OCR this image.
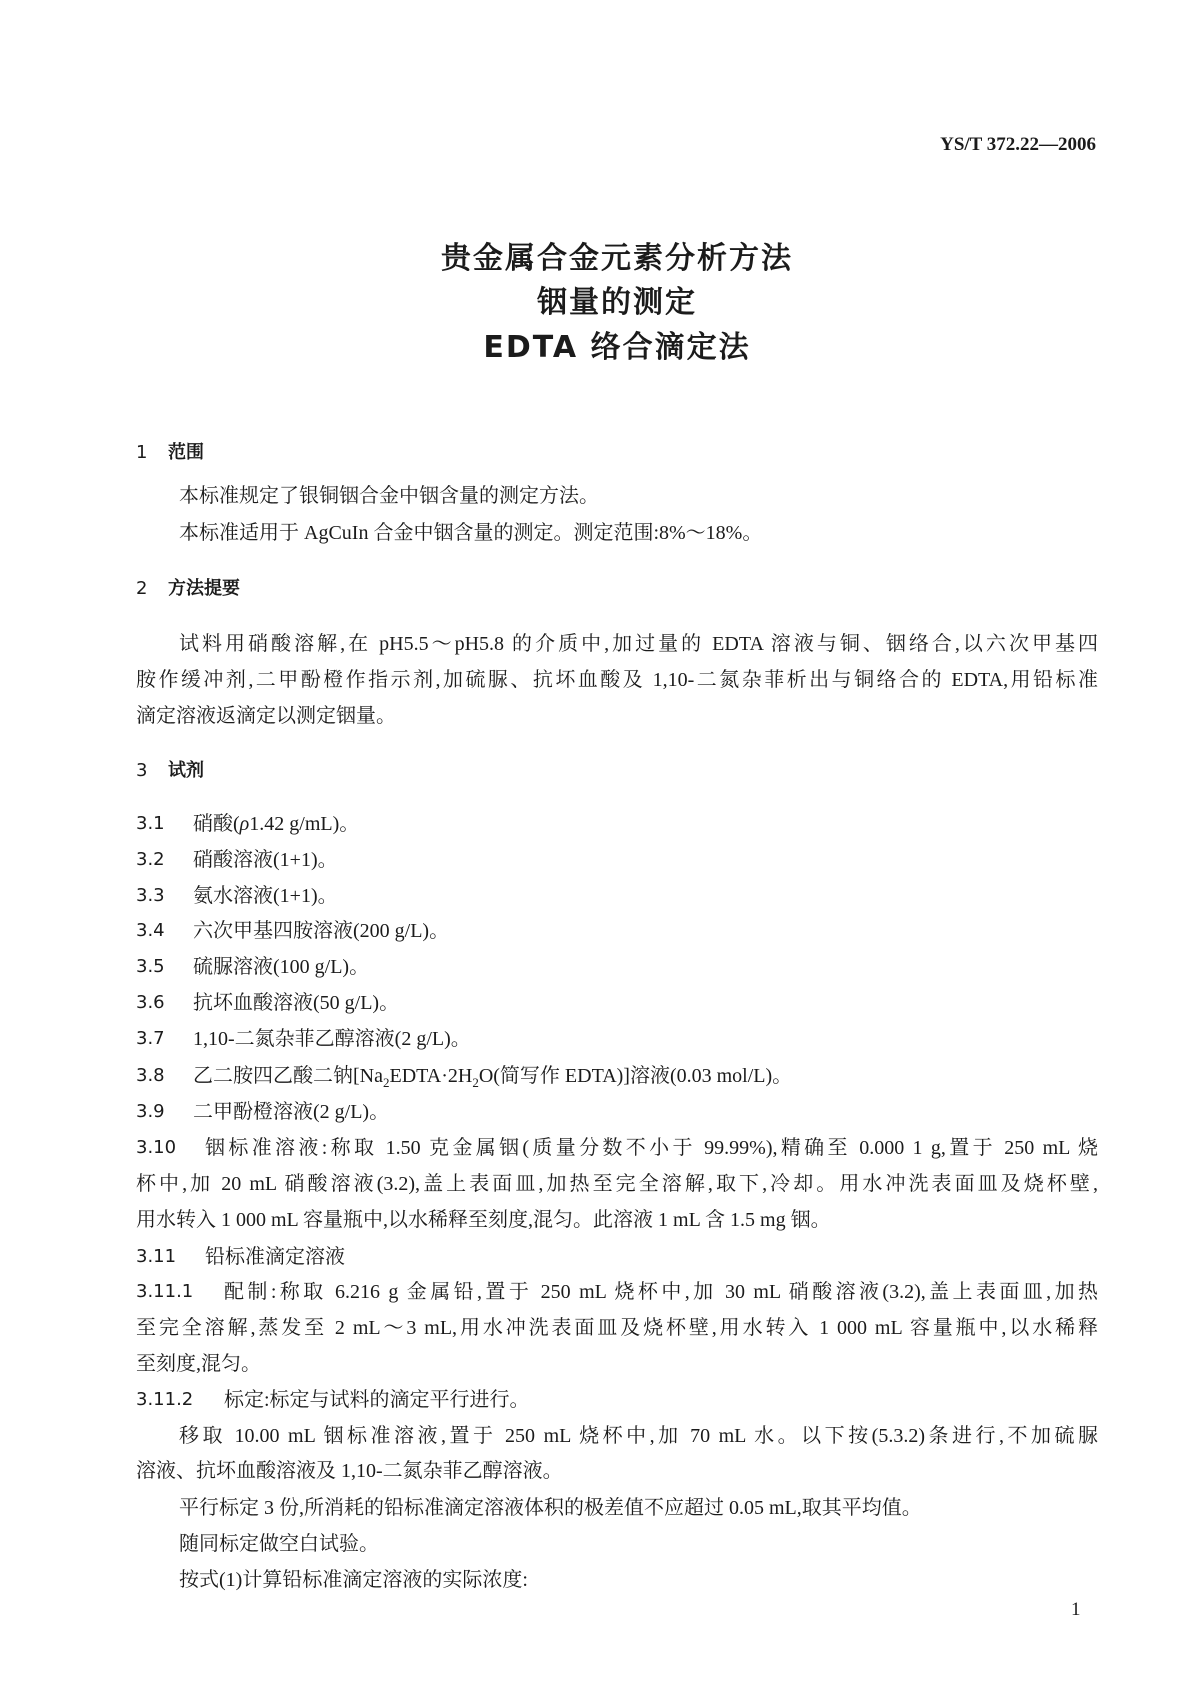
YS/T 372.22—2006
贵金属合金元素分析方法
铟量的测定
EDTA 络合滴定法
1 范围
本标准规定了银铜铟合金中铟含量的测定方法。
本标准适用于 AgCuIn 合金中铟含量的测定。测定范围:8%～18%。
2 方法提要
试料用硝酸溶解,在 pH5.5～pH5.8 的介质中,加过量的 EDTA 溶液与铜、铟络合,以六次甲基四
胺作缓冲剂,二甲酚橙作指示剂,加硫脲、抗坏血酸及 1,10-二氮杂菲析出与铜络合的 EDTA,用铅标准
滴定溶液返滴定以测定铟量。
3 试剂
3.1 硝酸(ρ1.42 g/mL)。
3.2 硝酸溶液(1+1)。
3.3 氨水溶液(1+1)。
3.4 六次甲基四胺溶液(200 g/L)。
3.5 硫脲溶液(100 g/L)。
3.6 抗坏血酸溶液(50 g/L)。
3.7 1,10-二氮杂菲乙醇溶液(2 g/L)。
3.8 乙二胺四乙酸二钠[$Na_2EDTA\cdot 2H_2O$(简写作 EDTA)]溶液(0.03 mol/L)。
3.9 二甲酚橙溶液(2 g/L)。
3.10 铟标准溶液:称取 1.50 克金属铟(质量分数不小于 99.99%),精确至 0.000 1 g,置于 250 mL 烧
杯中,加 20 mL 硝酸溶液(3.2),盖上表面皿,加热至完全溶解,取下,冷却。用水冲洗表面皿及烧杯壁,
用水转入 1 000 mL 容量瓶中,以水稀释至刻度,混匀。此溶液 1 mL 含 1.5 mg 铟。
3.11 铅标准滴定溶液
3.11.1 配制:称取 6.216 g 金属铅,置于 250 mL 烧杯中,加 30 mL 硝酸溶液(3.2),盖上表面皿,加热
至完全溶解,蒸发至 2 mL～3 mL,用水冲洗表面皿及烧杯壁,用水转入 1 000 mL 容量瓶中,以水稀释
至刻度,混匀。
3.11.2 标定:标定与试料的滴定平行进行。
移取 10.00 mL 铟标准溶液,置于 250 mL 烧杯中,加 70 mL 水。以下按(5.3.2)条进行,不加硫脲
溶液、抗坏血酸溶液及 1,10-二氮杂菲乙醇溶液。
平行标定 3 份,所消耗的铅标准滴定溶液体积的极差值不应超过 0.05 mL,取其平均值。
随同标定做空白试验。
按式(1)计算铅标准滴定溶液的实际浓度:
1
